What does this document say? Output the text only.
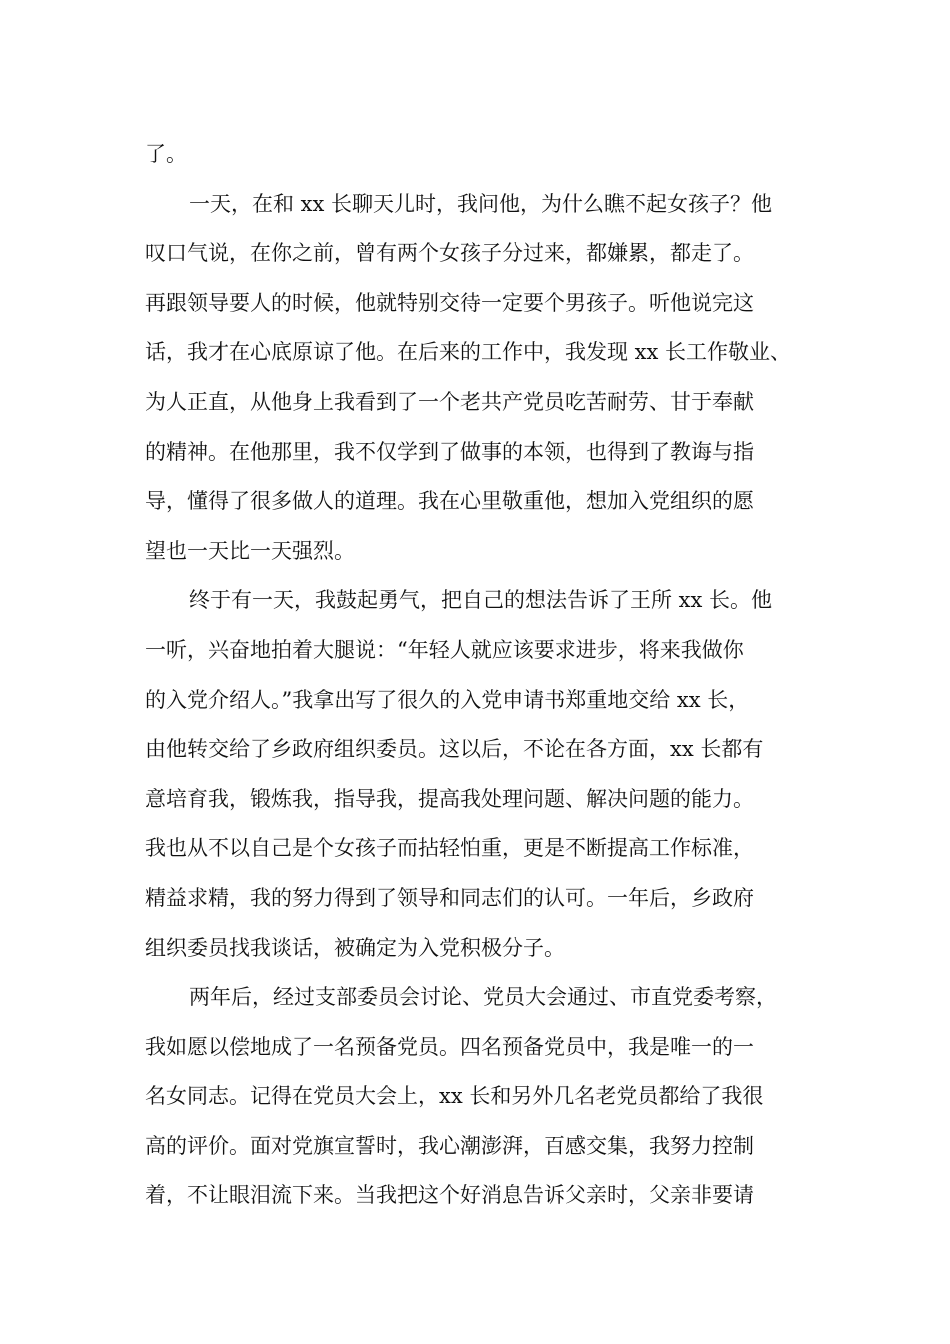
了。
一天，在和 xx 长聊天儿时，我问他，为什么瞧不起女孩子？他
叹口气说，在你之前，曾有两个女孩子分过来，都嫌累，都走了。
再跟领导要人的时候，他就特别交待一定要个男孩子。听他说完这
话，我才在心底原谅了他。在后来的工作中，我发现 xx 长工作敬业、
为人正直，从他身上我看到了一个老共产党员吃苦耐劳、甘于奉献
的精神。在他那里，我不仅学到了做事的本领，也得到了教诲与指
导，懂得了很多做人的道理。我在心里敬重他，想加入党组织的愿
望也一天比一天强烈。
终于有一天，我鼓起勇气，把自己的想法告诉了王所 xx 长。他
一听，兴奋地拍着大腿说：“年轻人就应该要求进步，将来我做你
的入党介绍人。”我拿出写了很久的入党申请书郑重地交给 xx 长，
由他转交给了乡政府组织委员。这以后，不论在各方面，xx 长都有
意培育我，锻炼我，指导我，提高我处理问题、解决问题的能力。
我也从不以自己是个女孩子而拈轻怕重，更是不断提高工作标准，
精益求精，我的努力得到了领导和同志们的认可。一年后，乡政府
组织委员找我谈话，被确定为入党积极分子。
两年后，经过支部委员会讨论、党员大会通过、市直党委考察，
我如愿以偿地成了一名预备党员。四名预备党员中，我是唯一的一
名女同志。记得在党员大会上，xx 长和另外几名老党员都给了我很
高的评价。面对党旗宣誓时，我心潮澎湃，百感交集，我努力控制
着，不让眼泪流下来。当我把这个好消息告诉父亲时，父亲非要请
